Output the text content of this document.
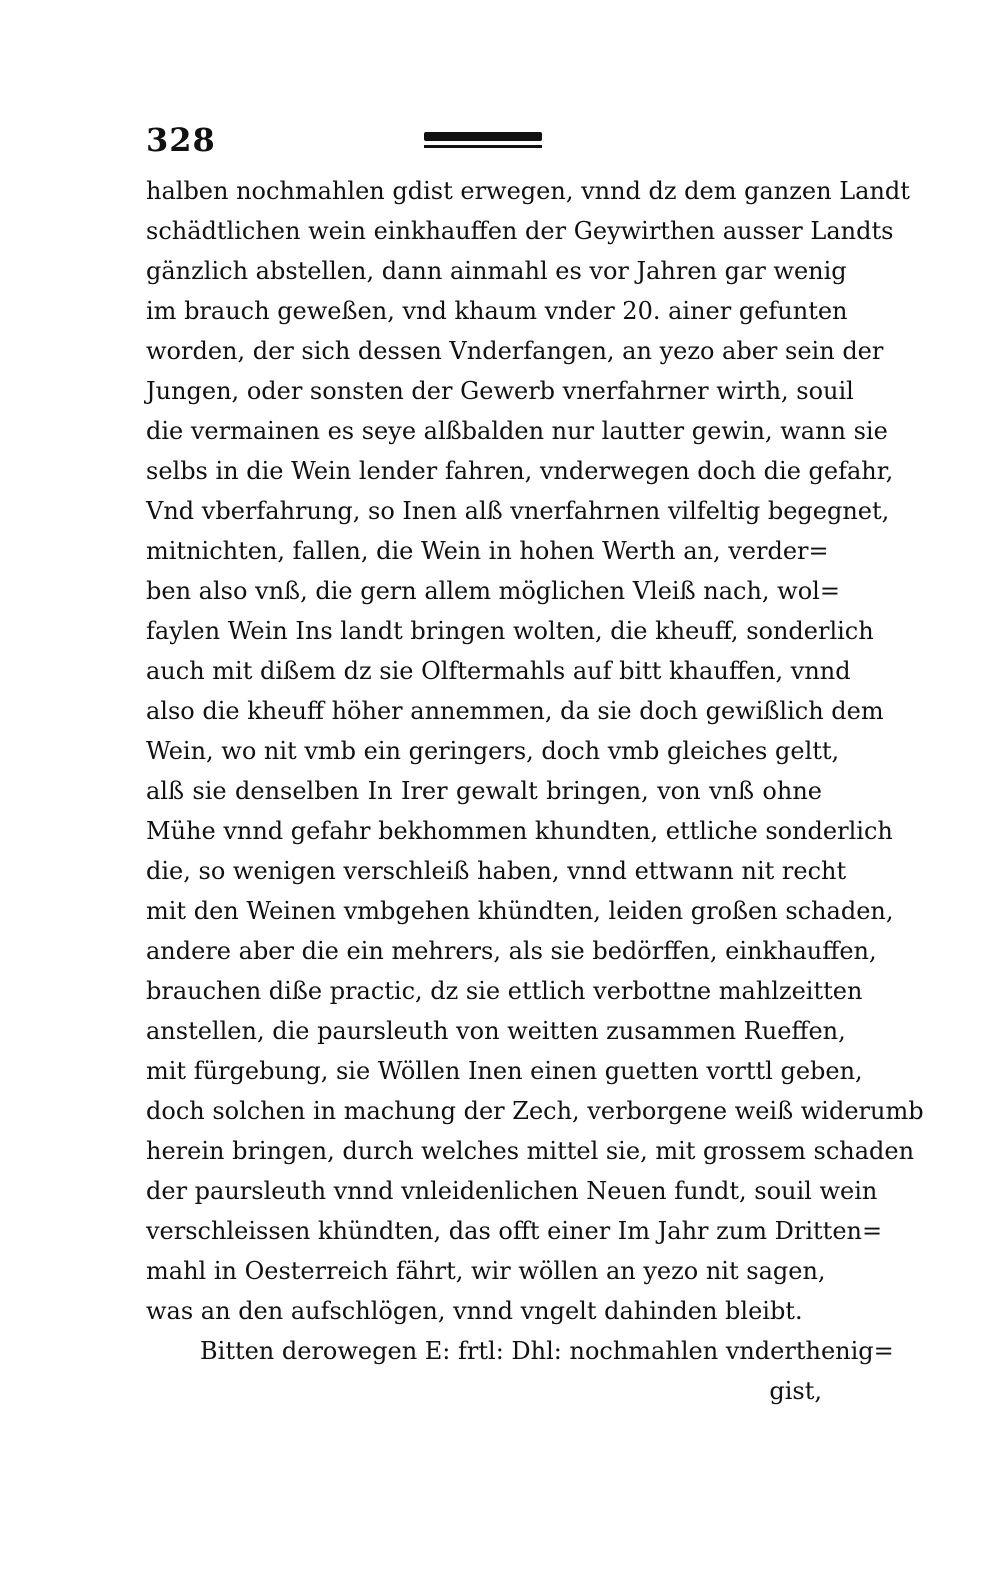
328
halben nochmahlen gdist erwegen, vnnd dz dem ganzen Landt
schädtlichen wein einkhauffen der Geywirthen ausser Landts
gänzlich abstellen, dann ainmahl es vor Jahren gar wenig
im brauch geweßen, vnd khaum vnder 20. ainer gefunten
worden, der sich dessen Vnderfangen, an yezo aber sein der
Jungen, oder sonsten der Gewerb vnerfahrner wirth, souil
die vermainen es seye alßbalden nur lautter gewin, wann sie
selbs in die Wein lender fahren, vnderwegen doch die gefahr,
Vnd vberfahrung, so Inen alß vnerfahrnen vilfeltig begegnet,
mitnichten, fallen, die Wein in hohen Werth an, verder=
ben also vnß, die gern allem möglichen Vleiß nach, wol=
faylen Wein Ins landt bringen wolten, die kheuff, sonderlich
auch mit dißem dz sie Olftermahls auf bitt khauffen, vnnd
also die kheuff höher annemmen, da sie doch gewißlich dem
Wein, wo nit vmb ein geringers, doch vmb gleiches geltt,
alß sie denselben In Irer gewalt bringen, von vnß ohne
Mühe vnnd gefahr bekhommen khundten, ettliche sonderlich
die, so wenigen verschleiß haben, vnnd ettwann nit recht
mit den Weinen vmbgehen khündten, leiden großen schaden,
andere aber die ein mehrers, als sie bedörffen, einkhauffen,
brauchen diße practic, dz sie ettlich verbottne mahlzeitten
anstellen, die paursleuth von weitten zusammen Rueffen,
mit fürgebung, sie Wöllen Inen einen guetten vorttl geben,
doch solchen in machung der Zech, verborgene weiß widerumb
herein bringen, durch welches mittel sie, mit grossem schaden
der paursleuth vnnd vnleidenlichen Neuen fundt, souil wein
verschleissen khündten, das offt einer Im Jahr zum Dritten=
mahl in Oesterreich fährt, wir wöllen an yezo nit sagen,
was an den aufschlögen, vnnd vngelt dahinden bleibt.
Bitten derowegen E: frtl: Dhl: nochmahlen vnderthenig=
gist,
